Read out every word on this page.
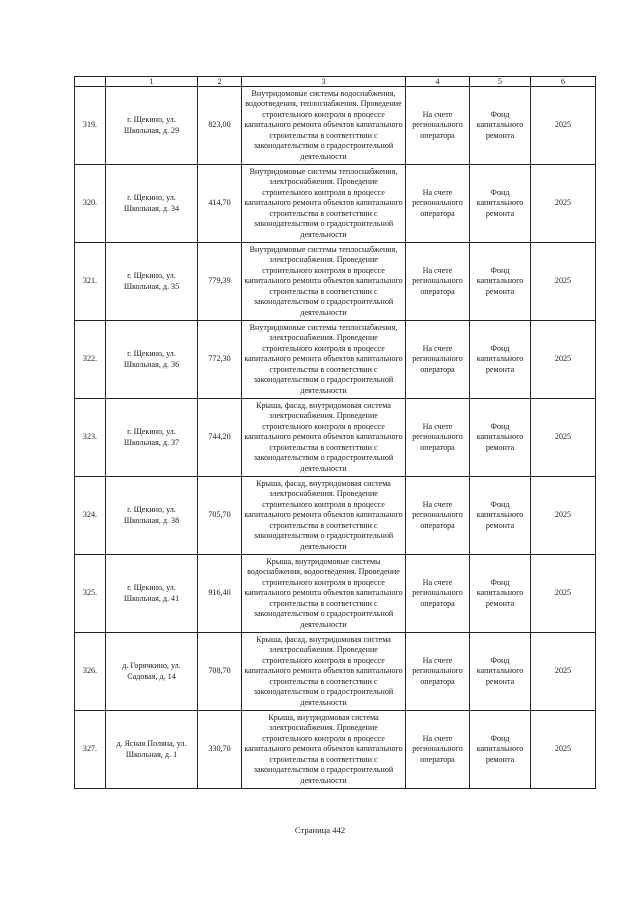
	1	2	3	4	5	6
319.	г. Щекино, ул. Школьная, д. 29	823,00	Внутридомовые системы водоснабжения, водоотведения, теплоснабжения. Проведение строительного контроля в процессе капитального ремонта объектов капитального строительства в соответствии с законодательством о градостроительной деятельности	На счете регионального оператора	Фонд капитального ремонта	2025
320.	г. Щекино, ул. Школьная, д. 34	414,70	Внутридомовые системы теплоснабжения, электроснабжения. Проведение строительного контроля в процессе капитального ремонта объектов капитального строительства в соответствии с законодательством о градостроительной деятельности	На счете регионального оператора	Фонд капитального ремонта	2025
321.	г. Щекино, ул. Школьная, д. 35	779,39	Внутридомовые системы теплоснабжения, электроснабжения. Проведение строительного контроля в процессе капитального ремонта объектов капитального строительства в соответствии с законодательством о градостроительной деятельности	На счете регионального оператора	Фонд капитального ремонта	2025
322.	г. Щекино, ул. Школьная, д. 36	772,30	Внутридомовые системы теплоснабжения, электроснабжения. Проведение строительного контроля в процессе капитального ремонта объектов капитального строительства в соответствии с законодательством о градостроительной деятельности	На счете регионального оператора	Фонд капитального ремонта	2025
323.	г. Щекино, ул. Школьная, д. 37	744,20	Крыша, фасад, внутридомовая система электроснабжения. Проведение строительного контроля в процессе капитального ремонта объектов капитального строительства в соответствии с законодательством о градостроительной деятельности	На счете регионального оператора	Фонд капитального ремонта	2025
324.	г. Щекино, ул. Школьная, д. 38	705,70	Крыша, фасад, внутридомовая система электроснабжения. Проведение строительного контроля в процессе капитального ремонта объектов капитального строительства в соответствии с законодательством о градостроительной деятельности	На счете регионального оператора	Фонд капитального ремонта	2025
325.	г. Щекино, ул. Школьная, д. 41	916,40	Крыша, внутридомовые системы водоснабжения, водоотведения. Проведение строительного контроля в процессе капитального ремонта объектов капитального строительства в соответствии с законодательством о градостроительной деятельности	На счете регионального оператора	Фонд капитального ремонта	2025
326.	д. Горячкино, ул. Садовая, д. 14	708,70	Крыша, фасад, внутридомовая система электроснабжения. Проведение строительного контроля в процессе капитального ремонта объектов капитального строительства в соответствии с законодательством о градостроительной деятельности	На счете регионального оператора	Фонд капитального ремонта	2025
327.	д. Ясная Поляна, ул. Школьная, д. 1	330,70	Крыша, внутридомовая система электроснабжения. Проведение строительного контроля в процессе капитального ремонта объектов капитального строительства в соответствии с законодательством о градостроительной деятельности	На счете регионального оператора	Фонд капитального ремонта	2025
Страница 442
